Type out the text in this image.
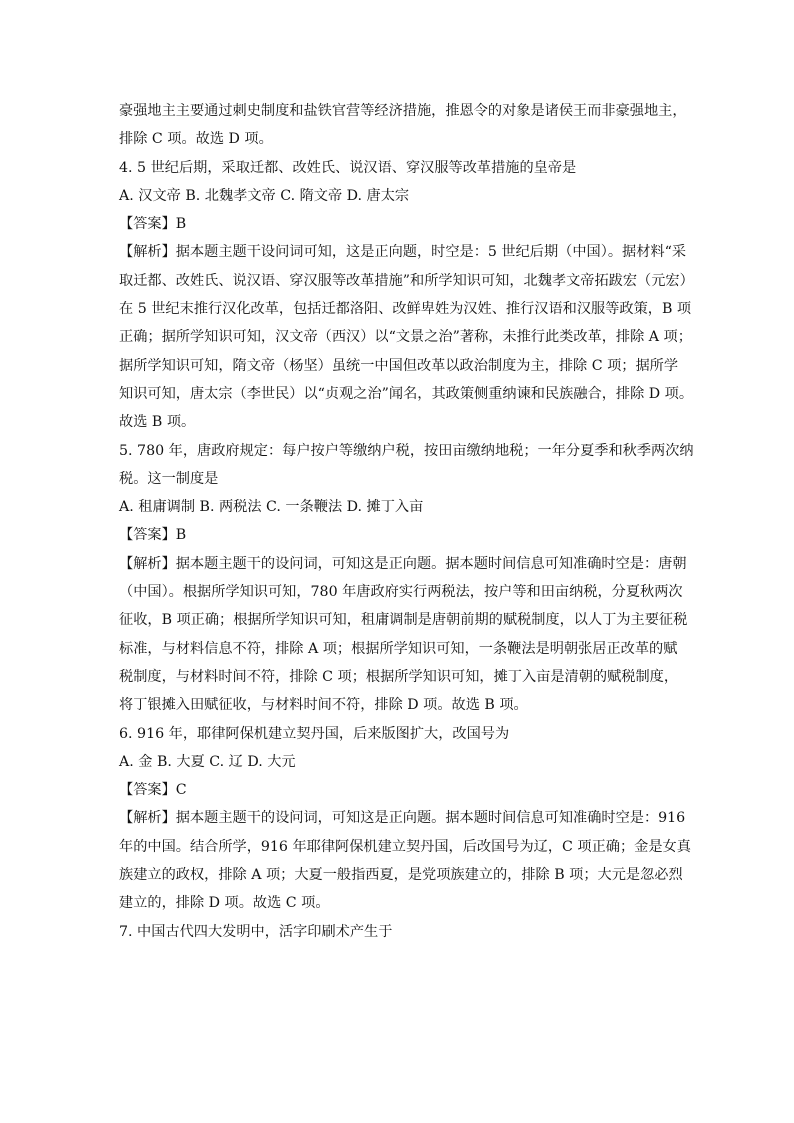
豪强地主主要通过刺史制度和盐铁官营等经济措施，推恩令的对象是诸侯王而非豪强地主，
排除 C 项。故选 D 项。
4. 5 世纪后期，采取迁都、改姓氏、说汉语、穿汉服等改革措施的皇帝是
A. 汉文帝 B. 北魏孝文帝 C. 隋文帝 D. 唐太宗
【答案】B
【解析】据本题主题干设问词可知，这是正向题，时空是：5 世纪后期（中国）。据材料“采
取迁都、改姓氏、说汉语、穿汉服等改革措施”和所学知识可知，北魏孝文帝拓跋宏（元宏）
在 5 世纪末推行汉化改革，包括迁都洛阳、改鲜卑姓为汉姓、推行汉语和汉服等政策，B 项
正确；据所学知识可知，汉文帝（西汉）以“文景之治”著称，未推行此类改革，排除 A 项；
据所学知识可知，隋文帝（杨坚）虽统一中国但改革以政治制度为主，排除 C 项；据所学
知识可知，唐太宗（李世民）以“贞观之治”闻名，其政策侧重纳谏和民族融合，排除 D 项。
故选 B 项。
5. 780 年，唐政府规定：每户按户等缴纳户税，按田亩缴纳地税；一年分夏季和秋季两次纳
税。这一制度是
A. 租庸调制 B. 两税法 C. 一条鞭法 D. 摊丁入亩
【答案】B
【解析】据本题主题干的设问词，可知这是正向题。据本题时间信息可知准确时空是：唐朝
（中国）。根据所学知识可知，780 年唐政府实行两税法，按户等和田亩纳税，分夏秋两次
征收，B 项正确；根据所学知识可知，租庸调制是唐朝前期的赋税制度，以人丁为主要征税
标准，与材料信息不符，排除 A 项；根据所学知识可知，一条鞭法是明朝张居正改革的赋
税制度，与材料时间不符，排除 C 项；根据所学知识可知，摊丁入亩是清朝的赋税制度，
将丁银摊入田赋征收，与材料时间不符，排除 D 项。故选 B 项。
6. 916 年，耶律阿保机建立契丹国，后来版图扩大，改国号为
A. 金 B. 大夏 C. 辽 D. 大元
【答案】C
【解析】据本题主题干的设问词，可知这是正向题。据本题时间信息可知准确时空是：916
年的中国。结合所学，916 年耶律阿保机建立契丹国，后改国号为辽，C 项正确；金是女真
族建立的政权，排除 A 项；大夏一般指西夏，是党项族建立的，排除 B 项；大元是忽必烈
建立的，排除 D 项。故选 C 项。
7. 中国古代四大发明中，活字印刷术产生于
